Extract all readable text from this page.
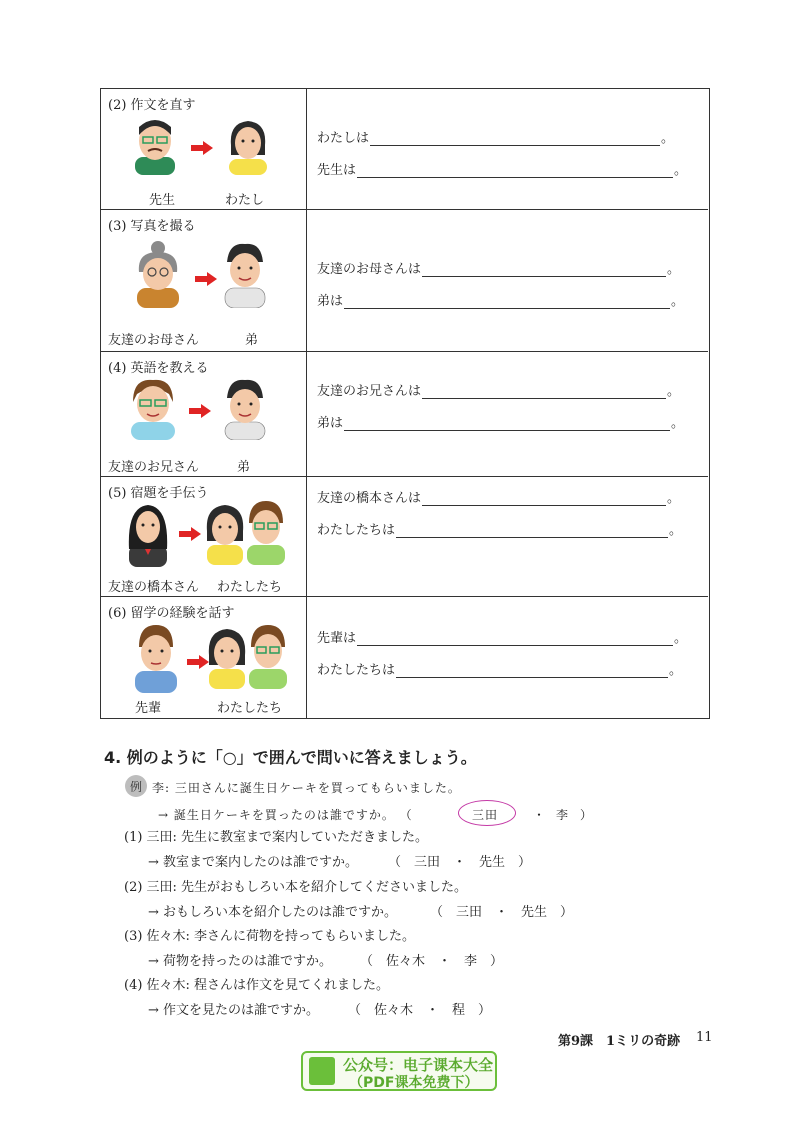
(2) 作文を直す
先生	わたし
わたしは	。
先生は	。
(3) 写真を撮る
友達のお母さん	弟
友達のお母さんは	。
弟は	。
(4) 英語を教える
友達のお兄さん	弟
友達のお兄さんは	。
弟は	。
(5) 宿題を手伝う
友達の橋本さん わたしたち
友達の橋本さんは	。
わたしたちは	。
(6) 留学の経験を話す
先輩	わたしたち
先輩は	。
わたしたちは	。
4. 例のように「○」で囲んで問いに答えましょう。
例 李: 三田さんに誕生日ケーキを買ってもらいました。
→ 誕生日ケーキを買ったのは誰ですか。 （	三田	・ 李 ）
(1) 三田: 先生に教室まで案内していただきました。
→ 教室まで案内したのは誰ですか。 （　三田　・　先生　）
(2) 三田: 先生がおもしろい本を紹介してくださいました。
→ おもしろい本を紹介したのは誰ですか。	（　三田　・　先生　）
(3) 佐々木: 李さんに荷物を持ってもらいました。
→ 荷物を持ったのは誰ですか。 （　佐々木　・　李　）
(4) 佐々木: 程さんは作文を見てくれました。
→ 作文を見たのは誰ですか。 （　佐々木　・　程　）
第9課　1ミリの奇跡 11
公众号：电子课本大全
（PDF课本免费下）
